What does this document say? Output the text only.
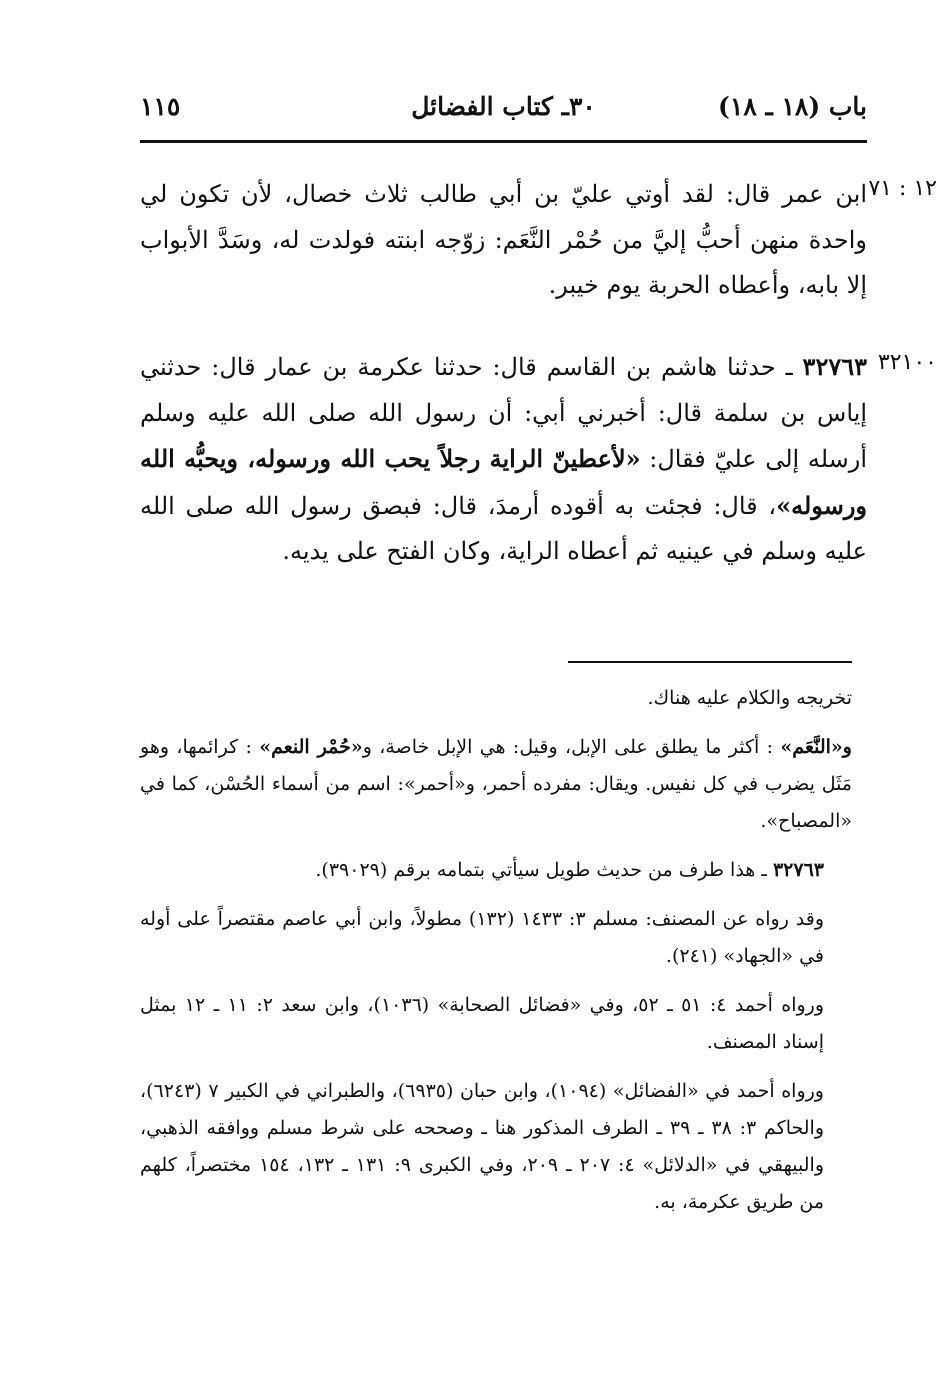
باب (١٨ ـ ١٨)
٣٠ـ كتاب الفضائل
١١٥
١٢ : ٧١

ابن عمر قال: لقد أوتي عليّ بن أبي طالب ثلاث خصال، لأن تكون لي واحدة منهن أحبُّ إليَّ من حُمْر النَّعَم: زوّجه ابنته فولدت له، وسَدَّ الأبواب إلا بابه، وأعطاه الحربة يوم خيبر.

٣٢١٠٠

٣٢٧٦٣ ـ حدثنا هاشم بن القاسم قال: حدثنا عكرمة بن عمار قال: حدثني إياس بن سلمة قال: أخبرني أبي: أن رسول الله صلى الله عليه وسلم أرسله إلى عليّ فقال: «لأعطينّ الراية رجلاً يحب الله ورسوله، ويحبُّه الله ورسوله»، قال: فجئت به أقوده أرمدَ، قال: فبصق رسول الله صلى الله عليه وسلم في عينيه ثم أعطاه الراية، وكان الفتح على يديه.

تخريجه والكلام عليه هناك.

و«النَّعَم» : أكثر ما يطلق على الإبل، وقيل: هي الإبل خاصة، و«حُمْر النعم» : كرائمها، وهو مَثَل يضرب في كل نفيس. ويقال: مفرده أحمر، و«أحمر»: اسم من أسماء الحُسْن، كما في «المصباح».

٣٢٧٦٣ ـ هذا طرف من حديث طويل سيأتي بتمامه برقم (٣٩٠٢٩).

وقد رواه عن المصنف: مسلم ٣: ١٤٣٣ (١٣٢) مطولاً، وابن أبي عاصم مقتصراً على أوله في «الجهاد» (٢٤١).

ورواه أحمد ٤: ٥١ ـ ٥٢، وفي «فضائل الصحابة» (١٠٣٦)، وابن سعد ٢: ١١ ـ ١٢ بمثل إسناد المصنف.

ورواه أحمد في «الفضائل» (١٠٩٤)، وابن حبان (٦٩٣٥)، والطبراني في الكبير ٧ (٦٢٤٣)، والحاكم ٣: ٣٨ ـ ٣٩ ـ الطرف المذكور هنا ـ وصححه على شرط مسلم ووافقه الذهبي، والبيهقي في «الدلائل» ٤: ٢٠٧ ـ ٢٠٩، وفي الكبرى ٩: ١٣١ ـ ١٣٢، ١٥٤ مختصراً، كلهم من طريق عكرمة، به.
